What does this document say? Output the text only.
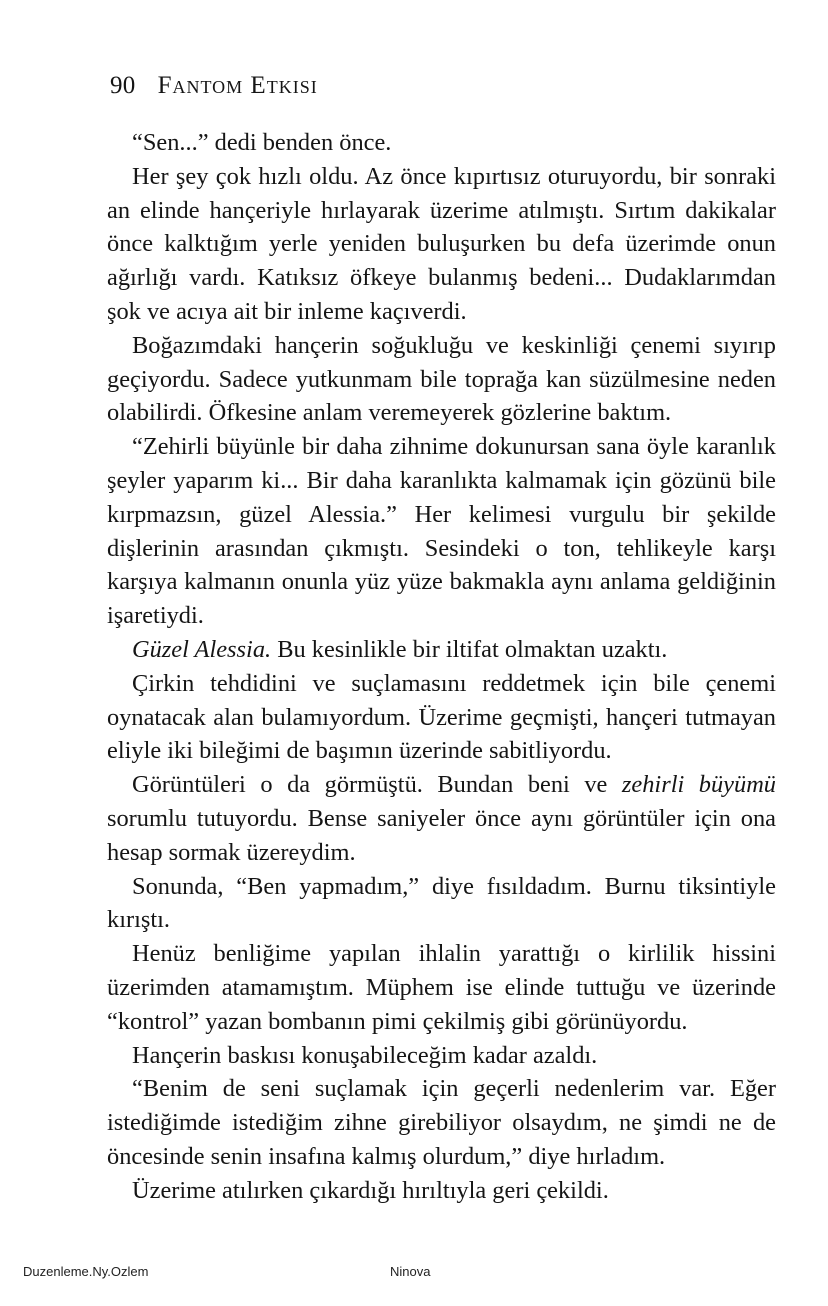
90 Fantom Etkisi

“Sen...” dedi benden önce.

Her şey çok hızlı oldu. Az önce kıpırtısız oturuyordu, bir sonraki an elinde hançeriyle hırlayarak üzerime atılmıştı. Sırtım dakikalar önce kalktığım yerle yeniden buluşurken bu defa üzerimde onun ağırlığı vardı. Katıksız öfkeye bulanmış bedeni... Dudaklarımdan şok ve acıya ait bir inleme kaçıverdi.

Boğazımdaki hançerin soğukluğu ve keskinliği çenemi sıyırıp geçiyordu. Sadece yutkunmam bile toprağa kan süzülmesine neden olabilirdi. Öfkesine anlam veremeyerek gözlerine baktım.

“Zehirli büyünle bir daha zihnime dokunursan sana öyle karanlık şeyler yaparım ki... Bir daha karanlıkta kalmamak için gözünü bile kırpmazsın, güzel Alessia.” Her kelimesi vurgulu bir şekilde dişlerinin arasından çıkmıştı. Sesindeki o ton, tehlikeyle karşı karşıya kalmanın onunla yüz yüze bakmakla aynı anlama geldiğinin işaretiydi.

Güzel Alessia. Bu kesinlikle bir iltifat olmaktan uzaktı.

Çirkin tehdidini ve suçlamasını reddetmek için bile çenemi oynatacak alan bulamıyordum. Üzerime geçmişti, hançeri tutmayan eliyle iki bileğimi de başımın üzerinde sabitliyordu.

Görüntüleri o da görmüştü. Bundan beni ve zehirli büyümü sorumlu tutuyordu. Bense saniyeler önce aynı görüntüler için ona hesap sormak üzereydim.

Sonunda, “Ben yapmadım,” diye fısıldadım. Burnu tiksintiyle kırıştı.

Henüz benliğime yapılan ihlalin yarattığı o kirlilik hissini üzerimden atamamıştım. Müphem ise elinde tuttuğu ve üzerinde “kontrol” yazan bombanın pimi çekilmiş gibi görünüyordu.

Hançerin baskısı konuşabileceğim kadar azaldı.

“Benim de seni suçlamak için geçerli nedenlerim var. Eğer istediğimde istediğim zihne girebiliyor olsaydım, ne şimdi ne de öncesinde senin insafına kalmış olurdum,” diye hırladım.

Üzerime atılırken çıkardığı hırıltıyla geri çekildi.

Duzenleme.Ny.Ozlem	Ninova
